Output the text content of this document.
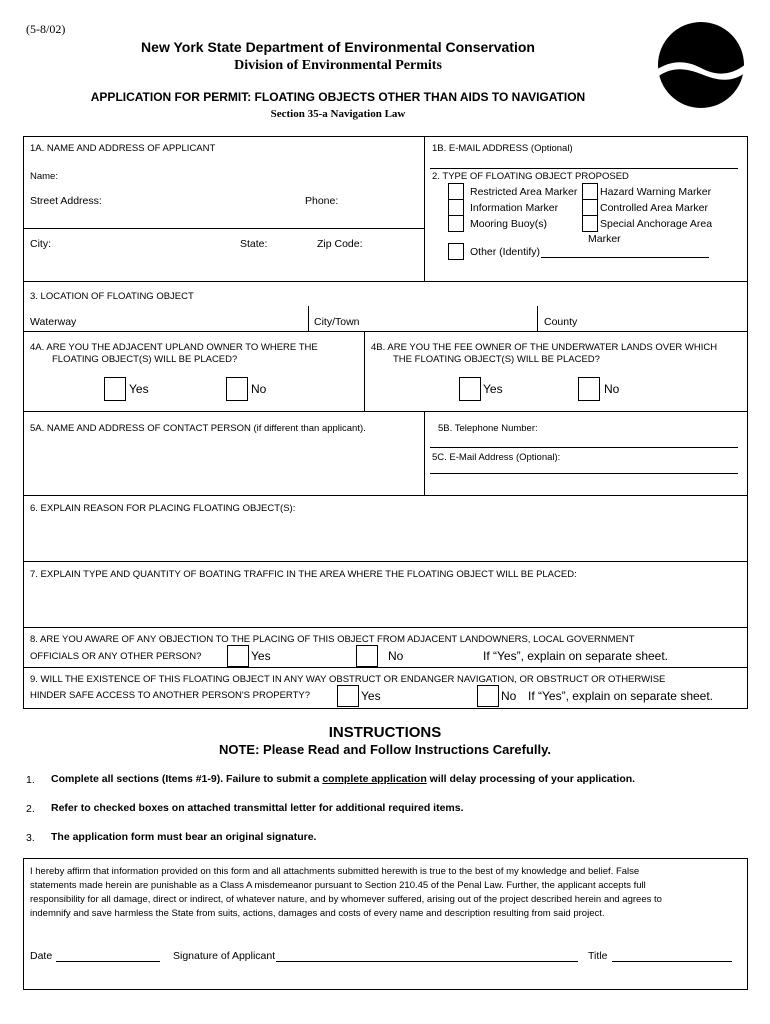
(5-8/02)
New York State Department of Environmental Conservation
Division of Environmental Permits
APPLICATION FOR PERMIT: FLOATING OBJECTS OTHER THAN AIDS TO NAVIGATION
Section 35-a Navigation Law
1A. NAME AND ADDRESS OF APPLICANT
Name:
Street Address:	Phone:
City:	State:	Zip Code:
1B. E-MAIL ADDRESS (Optional)
2. TYPE OF FLOATING OBJECT PROPOSED
Restricted Area Marker Hazard Warning Marker
Information Marker	Controlled Area Marker
Mooring Buoy(s)	Special Anchorage Area
Marker
Other (Identify)
3. LOCATION OF FLOATING OBJECT
Waterway	City/Town	County
4A. ARE YOU THE ADJACENT UPLAND OWNER TO WHERE THE
FLOATING OBJECT(S) WILL BE PLACED?
Yes	No
4B. ARE YOU THE FEE OWNER OF THE UNDERWATER LANDS OVER WHICH
THE FLOATING OBJECT(S) WILL BE PLACED?
Yes	No
5A. NAME AND ADDRESS OF CONTACT PERSON (if different than applicant).	5B. Telephone Number:
5C. E-Mail Address (Optional):
6. EXPLAIN REASON FOR PLACING FLOATING OBJECT(S):
7. EXPLAIN TYPE AND QUANTITY OF BOATING TRAFFIC IN THE AREA WHERE THE FLOATING OBJECT WILL BE PLACED:
8. ARE YOU AWARE OF ANY OBJECTION TO THE PLACING OF THIS OBJECT FROM ADJACENT LANDOWNERS, LOCAL GOVERNMENT
OFFICIALS OR ANY OTHER PERSON?	Yes	No	If “Yes”, explain on separate sheet.
9. WILL THE EXISTENCE OF THIS FLOATING OBJECT IN ANY WAY OBSTRUCT OR ENDANGER NAVIGATION, OR OBSTRUCT OR OTHERWISE
HINDER SAFE ACCESS TO ANOTHER PERSON'S PROPERTY?	Yes	No If “Yes”, explain on separate sheet.
INSTRUCTIONS
NOTE: Please Read and Follow Instructions Carefully.
1. Complete all sections (Items #1-9). Failure to submit a complete application will delay processing of your application.
2. Refer to checked boxes on attached transmittal letter for additional required items.
3. The application form must bear an original signature.
I hereby affirm that information provided on this form and all attachments submitted herewith is true to the best of my knowledge and belief. False
statements made herein are punishable as a Class A misdemeanor pursuant to Section 210.45 of the Penal Law. Further, the applicant accepts full
responsibility for all damage, direct or indirect, of whatever nature, and by whomever suffered, arising out of the project described herein and agrees to
indemnify and save harmless the State from suits, actions, damages and costs of every name and description resulting from said project.
Date	Signature of Applicant	Title
